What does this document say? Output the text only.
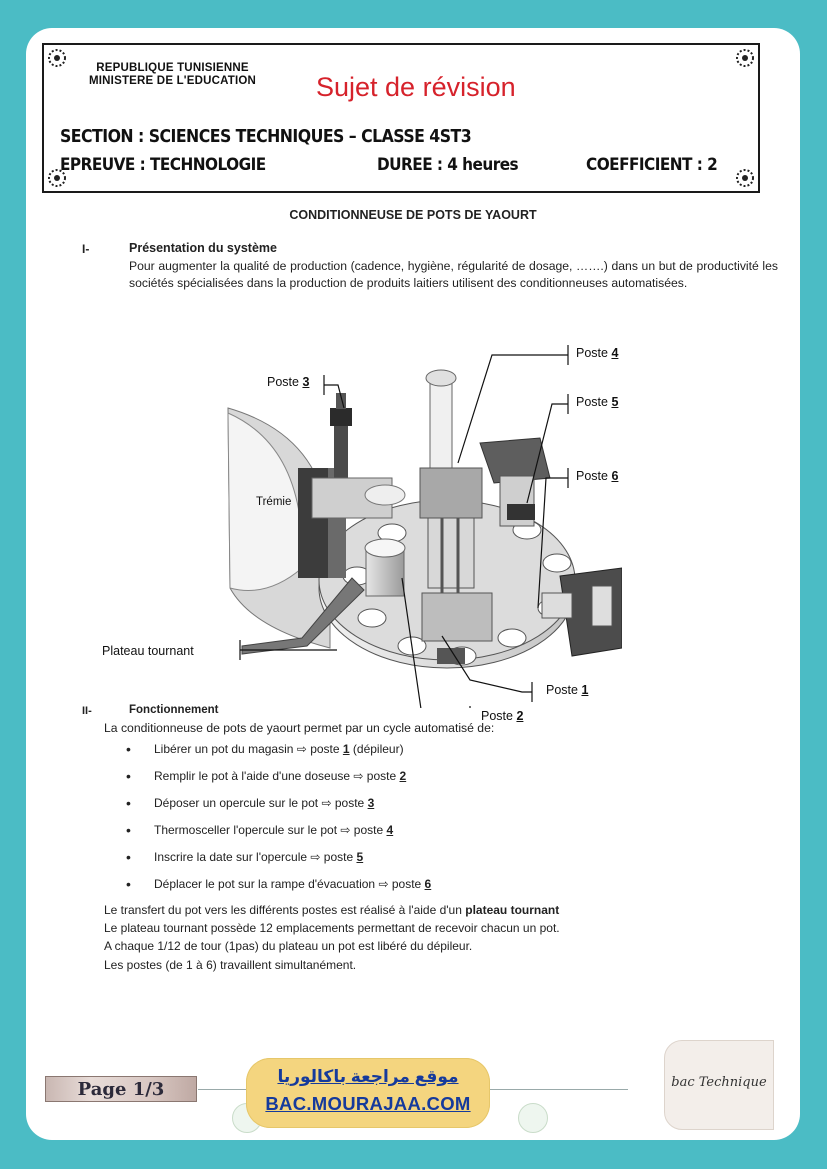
REPUBLIQUE TUNISIENNE
MINISTERE DE L'EDUCATION Sujet de révision
SECTION : SCIENCES TECHNIQUES – CLASSE 4ST3
EPREUVE : TECHNOLOGIE	DUREE : 4 heures	COEFFICIENT : 2
CONDITIONNEUSE DE POTS DE YAOURT
I-	Présentation du système
Pour augmenter la qualité de production (cadence, hygiène, régularité de dosage, …….) dans un but de productivité les sociétés spécialisées dans la production de produits laitiers utilisent des conditionneuses automatisées.
Poste 3
Poste 4
Poste 5
Poste 6
Poste 1
Poste 2
Trémie
Plateau tournant
II-	Fonctionnement
La conditionneuse de pots de yaourt permet par un cycle automatisé de:
• Libérer un pot du magasin ⇨ poste 1 (dépileur)
• Remplir le pot à l'aide d'une doseuse ⇨ poste 2
• Déposer un opercule sur le pot ⇨ poste 3
• Thermosceller l'opercule sur le pot ⇨ poste 4
• Inscrire la date sur l'opercule ⇨ poste 5
• Déplacer le pot sur la rampe d'évacuation ⇨ poste 6
Le transfert du pot vers les différents postes est réalisé à l'aide d'un plateau tournant
Le plateau tournant possède 12 emplacements permettant de recevoir chacun un pot.
A chaque 1/12 de tour (1pas) du plateau un pot est libéré du dépileur.
Les postes (de 1 à 6) travaillent simultanément.
Page 1/3
موقع مراجعة باكالوريا
BAC.MOURAJAA.COM
bac Technique
